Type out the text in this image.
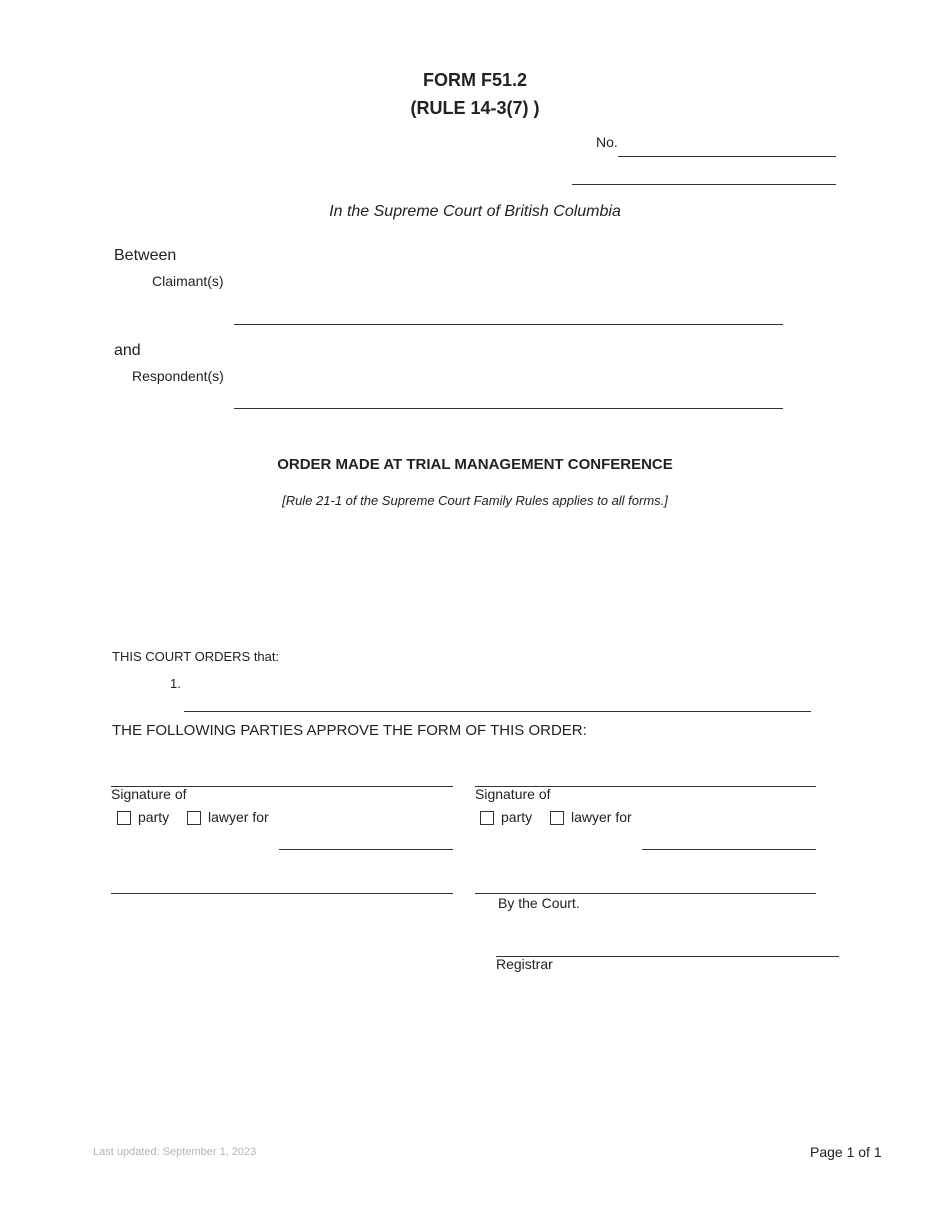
FORM F51.2
(RULE 14-3(7) )
No.
In the Supreme Court of British Columbia
Between
Claimant(s)
and
Respondent(s)
ORDER MADE AT TRIAL MANAGEMENT CONFERENCE
[Rule 21-1 of the Supreme Court Family Rules applies to all forms.]
THIS COURT ORDERS that:
1.
THE FOLLOWING PARTIES APPROVE THE FORM OF THIS ORDER:
Signature of
party	lawyer for
Signature of
party	lawyer for
By the Court.
Registrar
Last updated: September 1, 2023	Page 1 of 1
